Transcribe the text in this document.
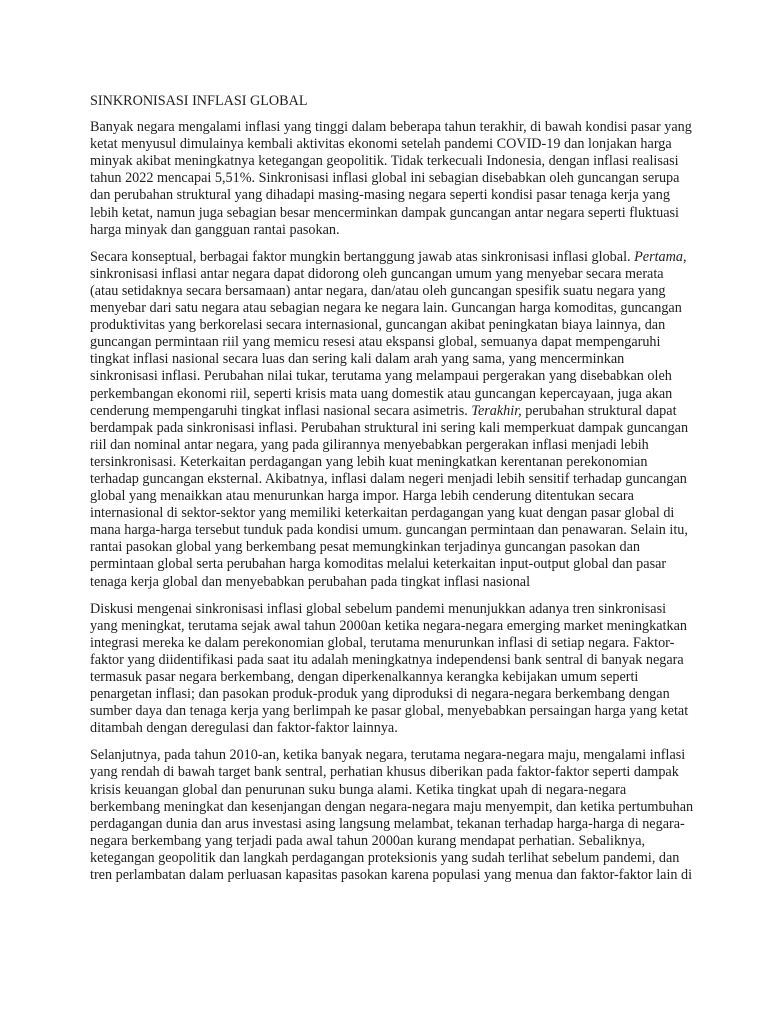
SINKRONISASI INFLASI GLOBAL
Banyak negara mengalami inflasi yang tinggi dalam beberapa tahun terakhir, di bawah kondisi pasar yang
ketat menyusul dimulainya kembali aktivitas ekonomi setelah pandemi COVID-19 dan lonjakan harga
minyak akibat meningkatnya ketegangan geopolitik. Tidak terkecuali Indonesia, dengan inflasi realisasi
tahun 2022 mencapai 5,51%. Sinkronisasi inflasi global ini sebagian disebabkan oleh guncangan serupa
dan perubahan struktural yang dihadapi masing-masing negara seperti kondisi pasar tenaga kerja yang
lebih ketat, namun juga sebagian besar mencerminkan dampak guncangan antar negara seperti fluktuasi
harga minyak dan gangguan rantai pasokan.
Secara konseptual, berbagai faktor mungkin bertanggung jawab atas sinkronisasi inflasi global. Pertama,
sinkronisasi inflasi antar negara dapat didorong oleh guncangan umum yang menyebar secara merata
(atau setidaknya secara bersamaan) antar negara, dan/atau oleh guncangan spesifik suatu negara yang
menyebar dari satu negara atau sebagian negara ke negara lain. Guncangan harga komoditas, guncangan
produktivitas yang berkorelasi secara internasional, guncangan akibat peningkatan biaya lainnya, dan
guncangan permintaan riil yang memicu resesi atau ekspansi global, semuanya dapat mempengaruhi
tingkat inflasi nasional secara luas dan sering kali dalam arah yang sama, yang mencerminkan
sinkronisasi inflasi. Perubahan nilai tukar, terutama yang melampaui pergerakan yang disebabkan oleh
perkembangan ekonomi riil, seperti krisis mata uang domestik atau guncangan kepercayaan, juga akan
cenderung mempengaruhi tingkat inflasi nasional secara asimetris. Terakhir, perubahan struktural dapat
berdampak pada sinkronisasi inflasi. Perubahan struktural ini sering kali memperkuat dampak guncangan
riil dan nominal antar negara, yang pada gilirannya menyebabkan pergerakan inflasi menjadi lebih
tersinkronisasi. Keterkaitan perdagangan yang lebih kuat meningkatkan kerentanan perekonomian
terhadap guncangan eksternal. Akibatnya, inflasi dalam negeri menjadi lebih sensitif terhadap guncangan
global yang menaikkan atau menurunkan harga impor. Harga lebih cenderung ditentukan secara
internasional di sektor-sektor yang memiliki keterkaitan perdagangan yang kuat dengan pasar global di
mana harga-harga tersebut tunduk pada kondisi umum. guncangan permintaan dan penawaran. Selain itu,
rantai pasokan global yang berkembang pesat memungkinkan terjadinya guncangan pasokan dan
permintaan global serta perubahan harga komoditas melalui keterkaitan input-output global dan pasar
tenaga kerja global dan menyebabkan perubahan pada tingkat inflasi nasional
Diskusi mengenai sinkronisasi inflasi global sebelum pandemi menunjukkan adanya tren sinkronisasi
yang meningkat, terutama sejak awal tahun 2000an ketika negara-negara emerging market meningkatkan
integrasi mereka ke dalam perekonomian global, terutama menurunkan inflasi di setiap negara. Faktor-
faktor yang diidentifikasi pada saat itu adalah meningkatnya independensi bank sentral di banyak negara
termasuk pasar negara berkembang, dengan diperkenalkannya kerangka kebijakan umum seperti
penargetan inflasi; dan pasokan produk-produk yang diproduksi di negara-negara berkembang dengan
sumber daya dan tenaga kerja yang berlimpah ke pasar global, menyebabkan persaingan harga yang ketat
ditambah dengan deregulasi dan faktor-faktor lainnya.
Selanjutnya, pada tahun 2010-an, ketika banyak negara, terutama negara-negara maju, mengalami inflasi
yang rendah di bawah target bank sentral, perhatian khusus diberikan pada faktor-faktor seperti dampak
krisis keuangan global dan penurunan suku bunga alami. Ketika tingkat upah di negara-negara
berkembang meningkat dan kesenjangan dengan negara-negara maju menyempit, dan ketika pertumbuhan
perdagangan dunia dan arus investasi asing langsung melambat, tekanan terhadap harga-harga di negara-
negara berkembang yang terjadi pada awal tahun 2000an kurang mendapat perhatian. Sebaliknya,
ketegangan geopolitik dan langkah perdagangan proteksionis yang sudah terlihat sebelum pandemi, dan
tren perlambatan dalam perluasan kapasitas pasokan karena populasi yang menua dan faktor-faktor lain di
